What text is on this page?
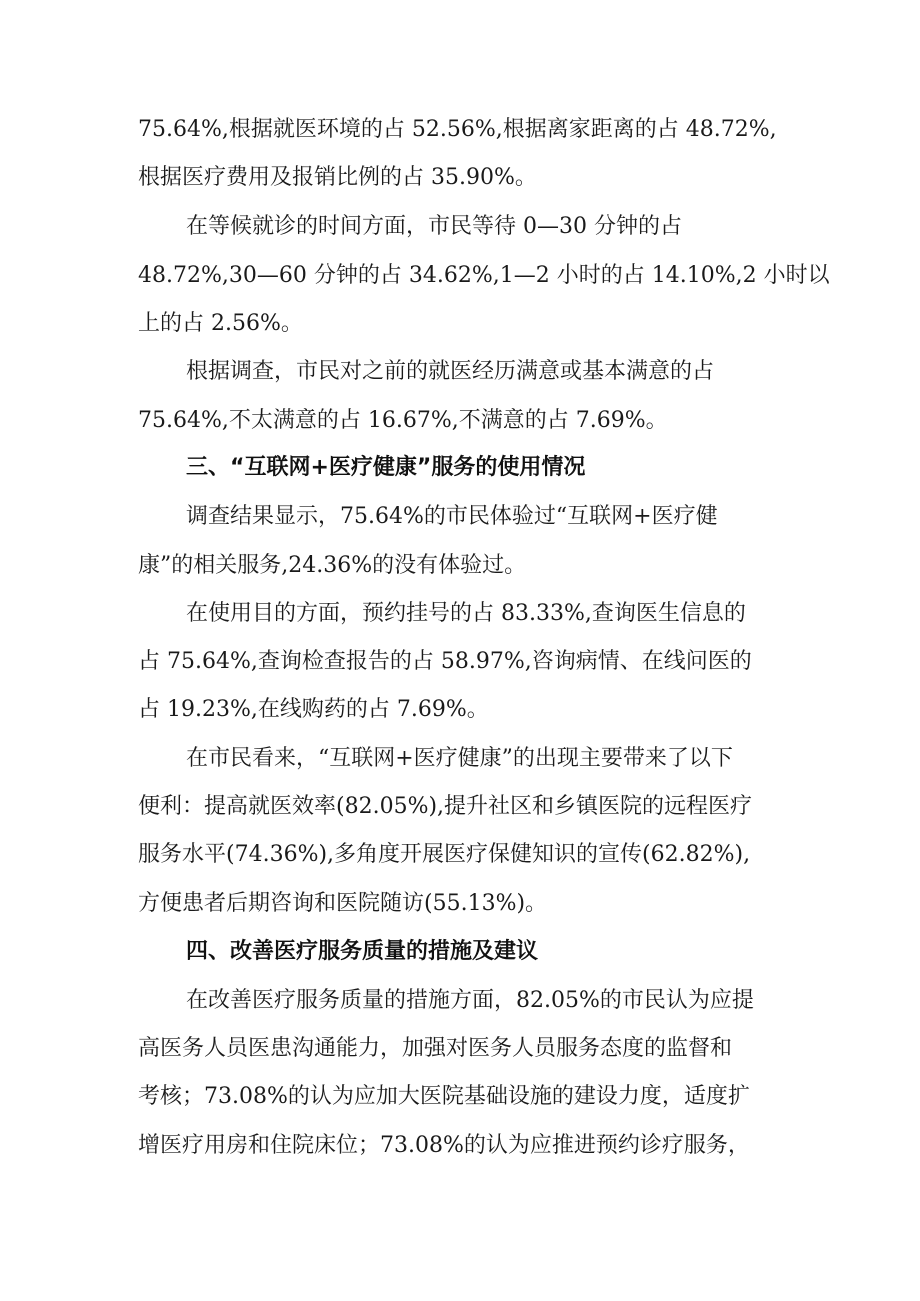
75.64%,根据就医环境的占 52.56%,根据离家距离的占 48.72%,
根据医疗费用及报销比例的占 35.90%。
在等候就诊的时间方面，市民等待 0—30 分钟的占
48.72%,30—60 分钟的占 34.62%,1—2 小时的占 14.10%,2 小时以
上的占 2.56%。
根据调查，市民对之前的就医经历满意或基本满意的占
75.64%,不太满意的占 16.67%,不满意的占 7.69%。
三、“互联网+医疗健康”服务的使用情况
调查结果显示，75.64%的市民体验过“互联网+医疗健
康”的相关服务,24.36%的没有体验过。
在使用目的方面，预约挂号的占 83.33%,查询医生信息的
占 75.64%,查询检查报告的占 58.97%,咨询病情、在线问医的
占 19.23%,在线购药的占 7.69%。
在市民看来，“互联网+医疗健康”的出现主要带来了以下
便利：提高就医效率(82.05%),提升社区和乡镇医院的远程医疗
服务水平(74.36%),多角度开展医疗保健知识的宣传(62.82%),
方便患者后期咨询和医院随访(55.13%)。
四、改善医疗服务质量的措施及建议
在改善医疗服务质量的措施方面，82.05%的市民认为应提
高医务人员医患沟通能力，加强对医务人员服务态度的监督和
考核；73.08%的认为应加大医院基础设施的建设力度，适度扩
增医疗用房和住院床位；73.08%的认为应推进预约诊疗服务，
